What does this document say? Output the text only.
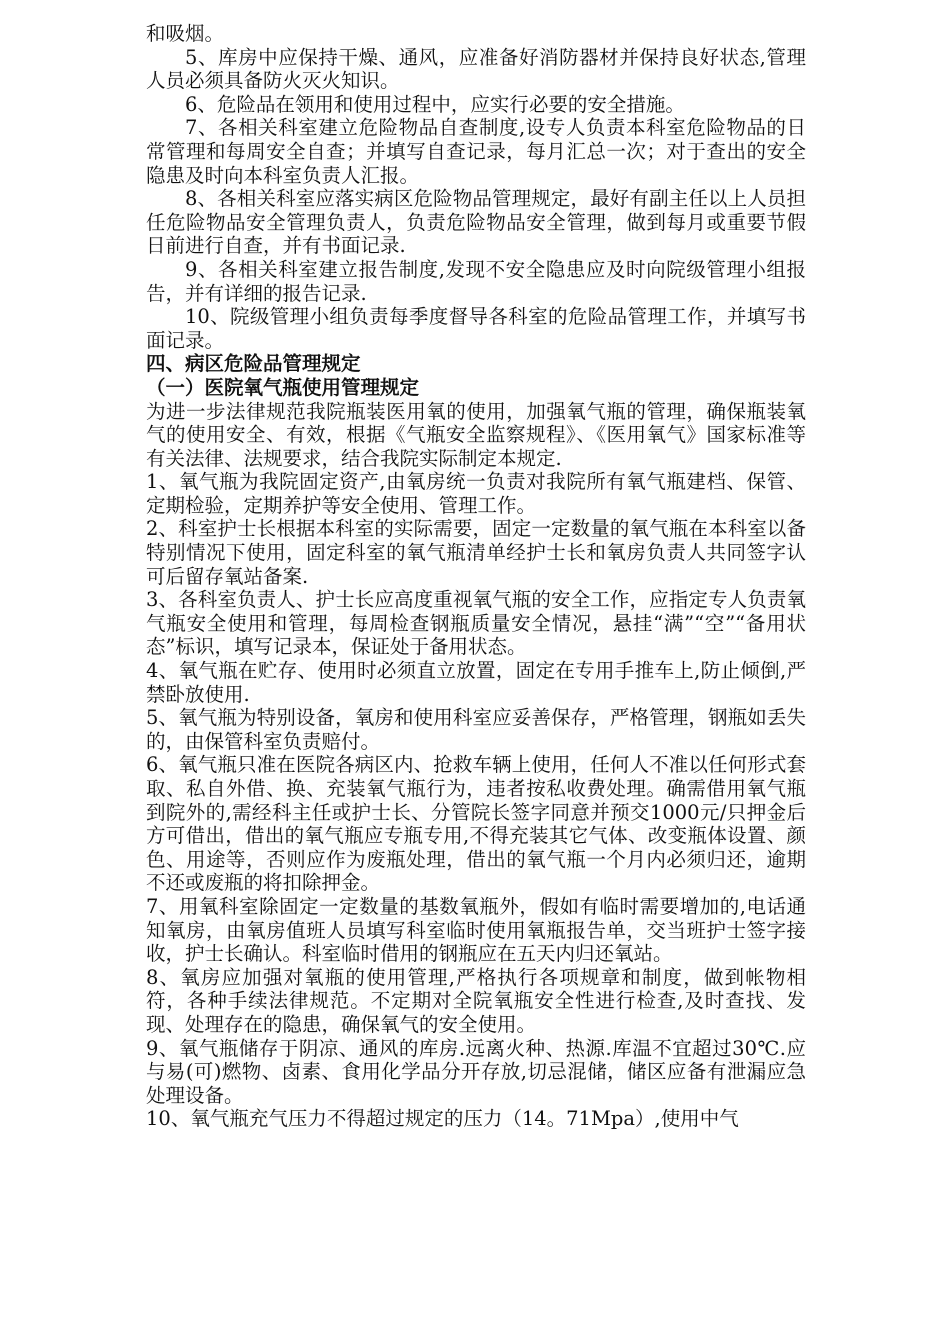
和吸烟。

5、库房中应保持干燥、通风，应准备好消防器材并保持良好状态,管理人员必须具备防火灭火知识。

6、危险品在领用和使用过程中，应实行必要的安全措施。

7、各相关科室建立危险物品自查制度,设专人负责本科室危险物品的日常管理和每周安全自查；并填写自查记录，每月汇总一次；对于查出的安全隐患及时向本科室负责人汇报。

8、各相关科室应落实病区危险物品管理规定，最好有副主任以上人员担任危险物品安全管理负责人，负责危险物品安全管理，做到每月或重要节假日前进行自查，并有书面记录.

9、各相关科室建立报告制度,发现不安全隐患应及时向院级管理小组报告，并有详细的报告记录.

10、院级管理小组负责每季度督导各科室的危险品管理工作，并填写书面记录。

四、病区危险品管理规定

（一）医院氧气瓶使用管理规定

为进一步法律规范我院瓶装医用氧的使用，加强氧气瓶的管理，确保瓶装氧气的使用安全、有效，根据《气瓶安全监察规程》、《医用氧气》国家标准等有关法律、法规要求，结合我院实际制定本规定.

1、氧气瓶为我院固定资产,由氧房统一负责对我院所有氧气瓶建档、保管、定期检验，定期养护等安全使用、管理工作。

2、科室护士长根据本科室的实际需要，固定一定数量的氧气瓶在本科室以备特别情况下使用，固定科室的氧气瓶清单经护士长和氧房负责人共同签字认可后留存氧站备案.

3、各科室负责人、护士长应高度重视氧气瓶的安全工作，应指定专人负责氧气瓶安全使用和管理，每周检查钢瓶质量安全情况，悬挂“满”“空”“备用状态”标识，填写记录本，保证处于备用状态。

4、氧气瓶在贮存、使用时必须直立放置，固定在专用手推车上,防止倾倒,严禁卧放使用.

5、氧气瓶为特别设备，氧房和使用科室应妥善保存，严格管理，钢瓶如丢失的，由保管科室负责赔付。

6、氧气瓶只准在医院各病区内、抢救车辆上使用，任何人不准以任何形式套取、私自外借、换、充装氧气瓶行为，违者按私收费处理。确需借用氧气瓶到院外的,需经科主任或护士长、分管院长签字同意并预交1000元/只押金后方可借出，借出的氧气瓶应专瓶专用,不得充装其它气体、改变瓶体设置、颜色、用途等，否则应作为废瓶处理，借出的氧气瓶一个月内必须归还，逾期不还或废瓶的将扣除押金。

7、用氧科室除固定一定数量的基数氧瓶外，假如有临时需要增加的,电话通知氧房，由氧房值班人员填写科室临时使用氧瓶报告单，交当班护士签字接收，护士长确认。科室临时借用的钢瓶应在五天内归还氧站。

8、氧房应加强对氧瓶的使用管理,严格执行各项规章和制度，做到帐物相符，各种手续法律规范。不定期对全院氧瓶安全性进行检查,及时查找、发现、处理存在的隐患，确保氧气的安全使用。

9、氧气瓶储存于阴凉、通风的库房.远离火种、热源.库温不宜超过30℃.应与易(可)燃物、卤素、食用化学品分开存放,切忌混储，储区应备有泄漏应急处理设备。

10、氧气瓶充气压力不得超过规定的压力（14。71Mpa）,使用中气
